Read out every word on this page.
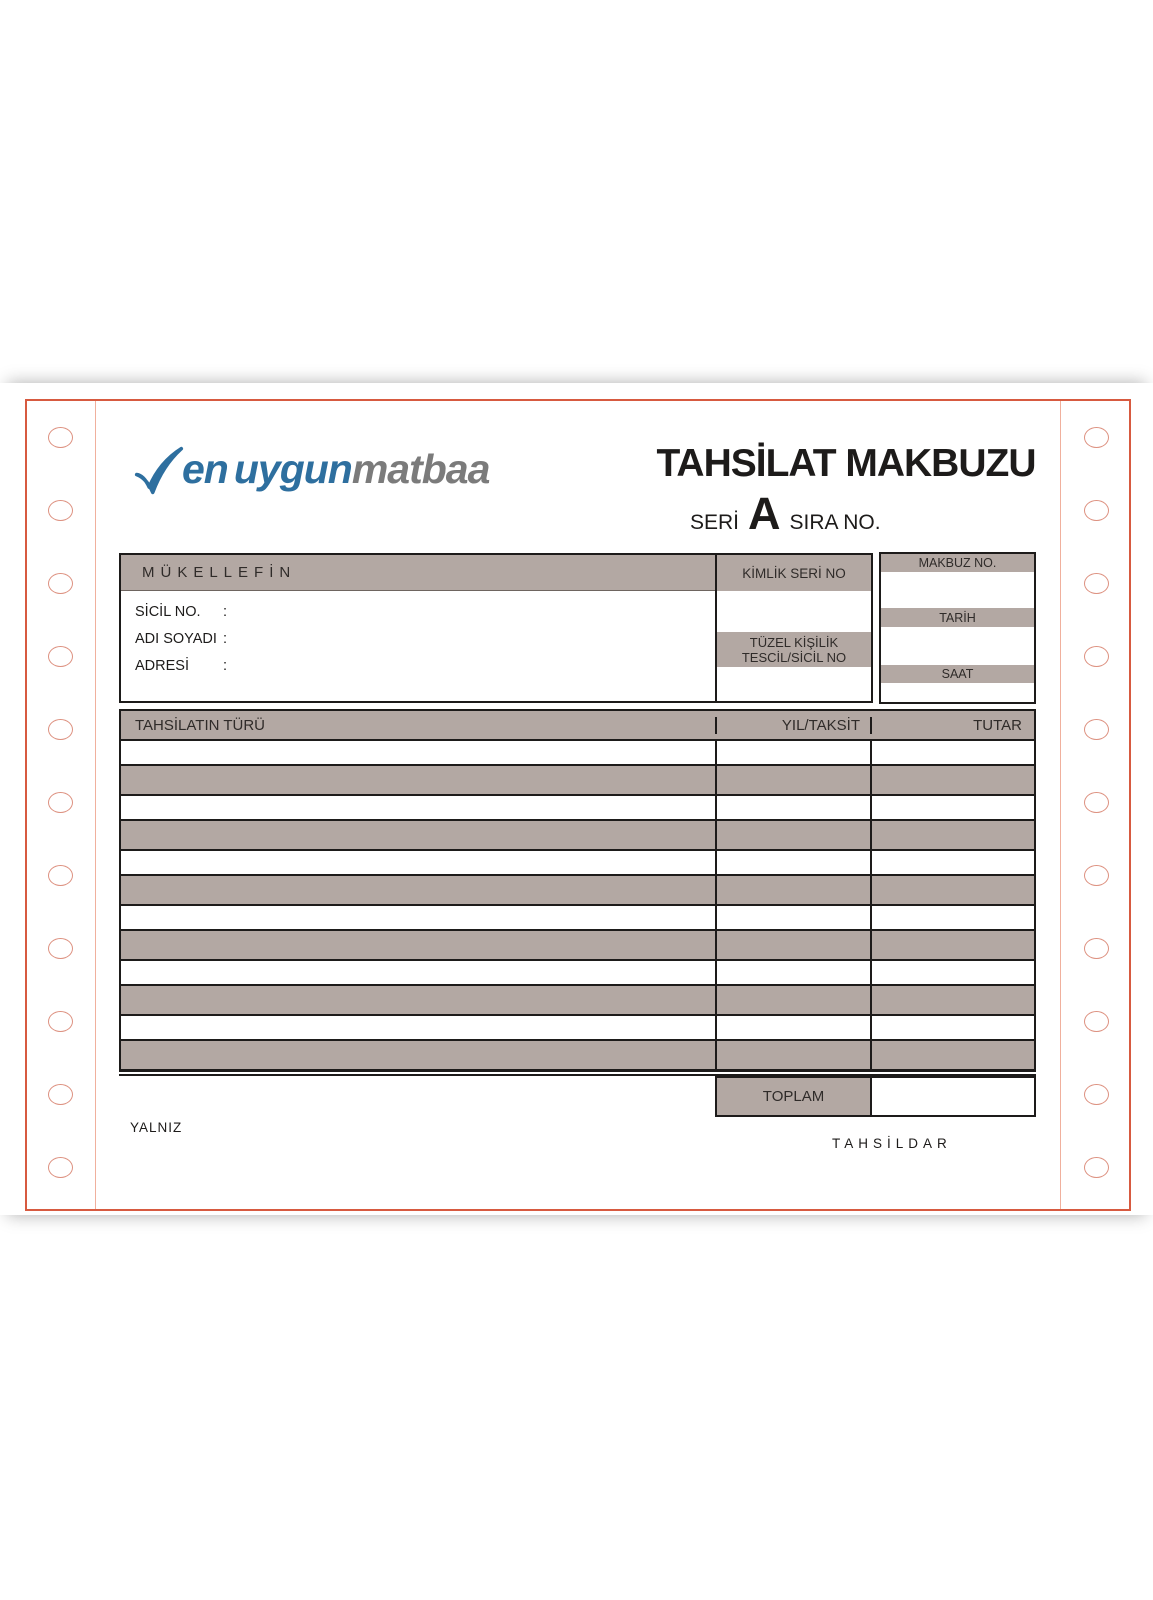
en uygun matbaa	TAHSİLAT MAKBUZU
SERİ A SIRA NO.
MÜKELLEFİN
SİCİL NO.	:
ADI SOYADI :
ADRESİ	:
KİMLİK SERİ NO
TÜZEL KİŞİLİK
TESCİL/SİCİL NO
MAKBUZ NO.
TARİH
SAAT
TAHSİLATIN TÜRÜ	YIL/TAKSİT	TUTAR
TOPLAM
YALNIZ
TAHSİLDAR
